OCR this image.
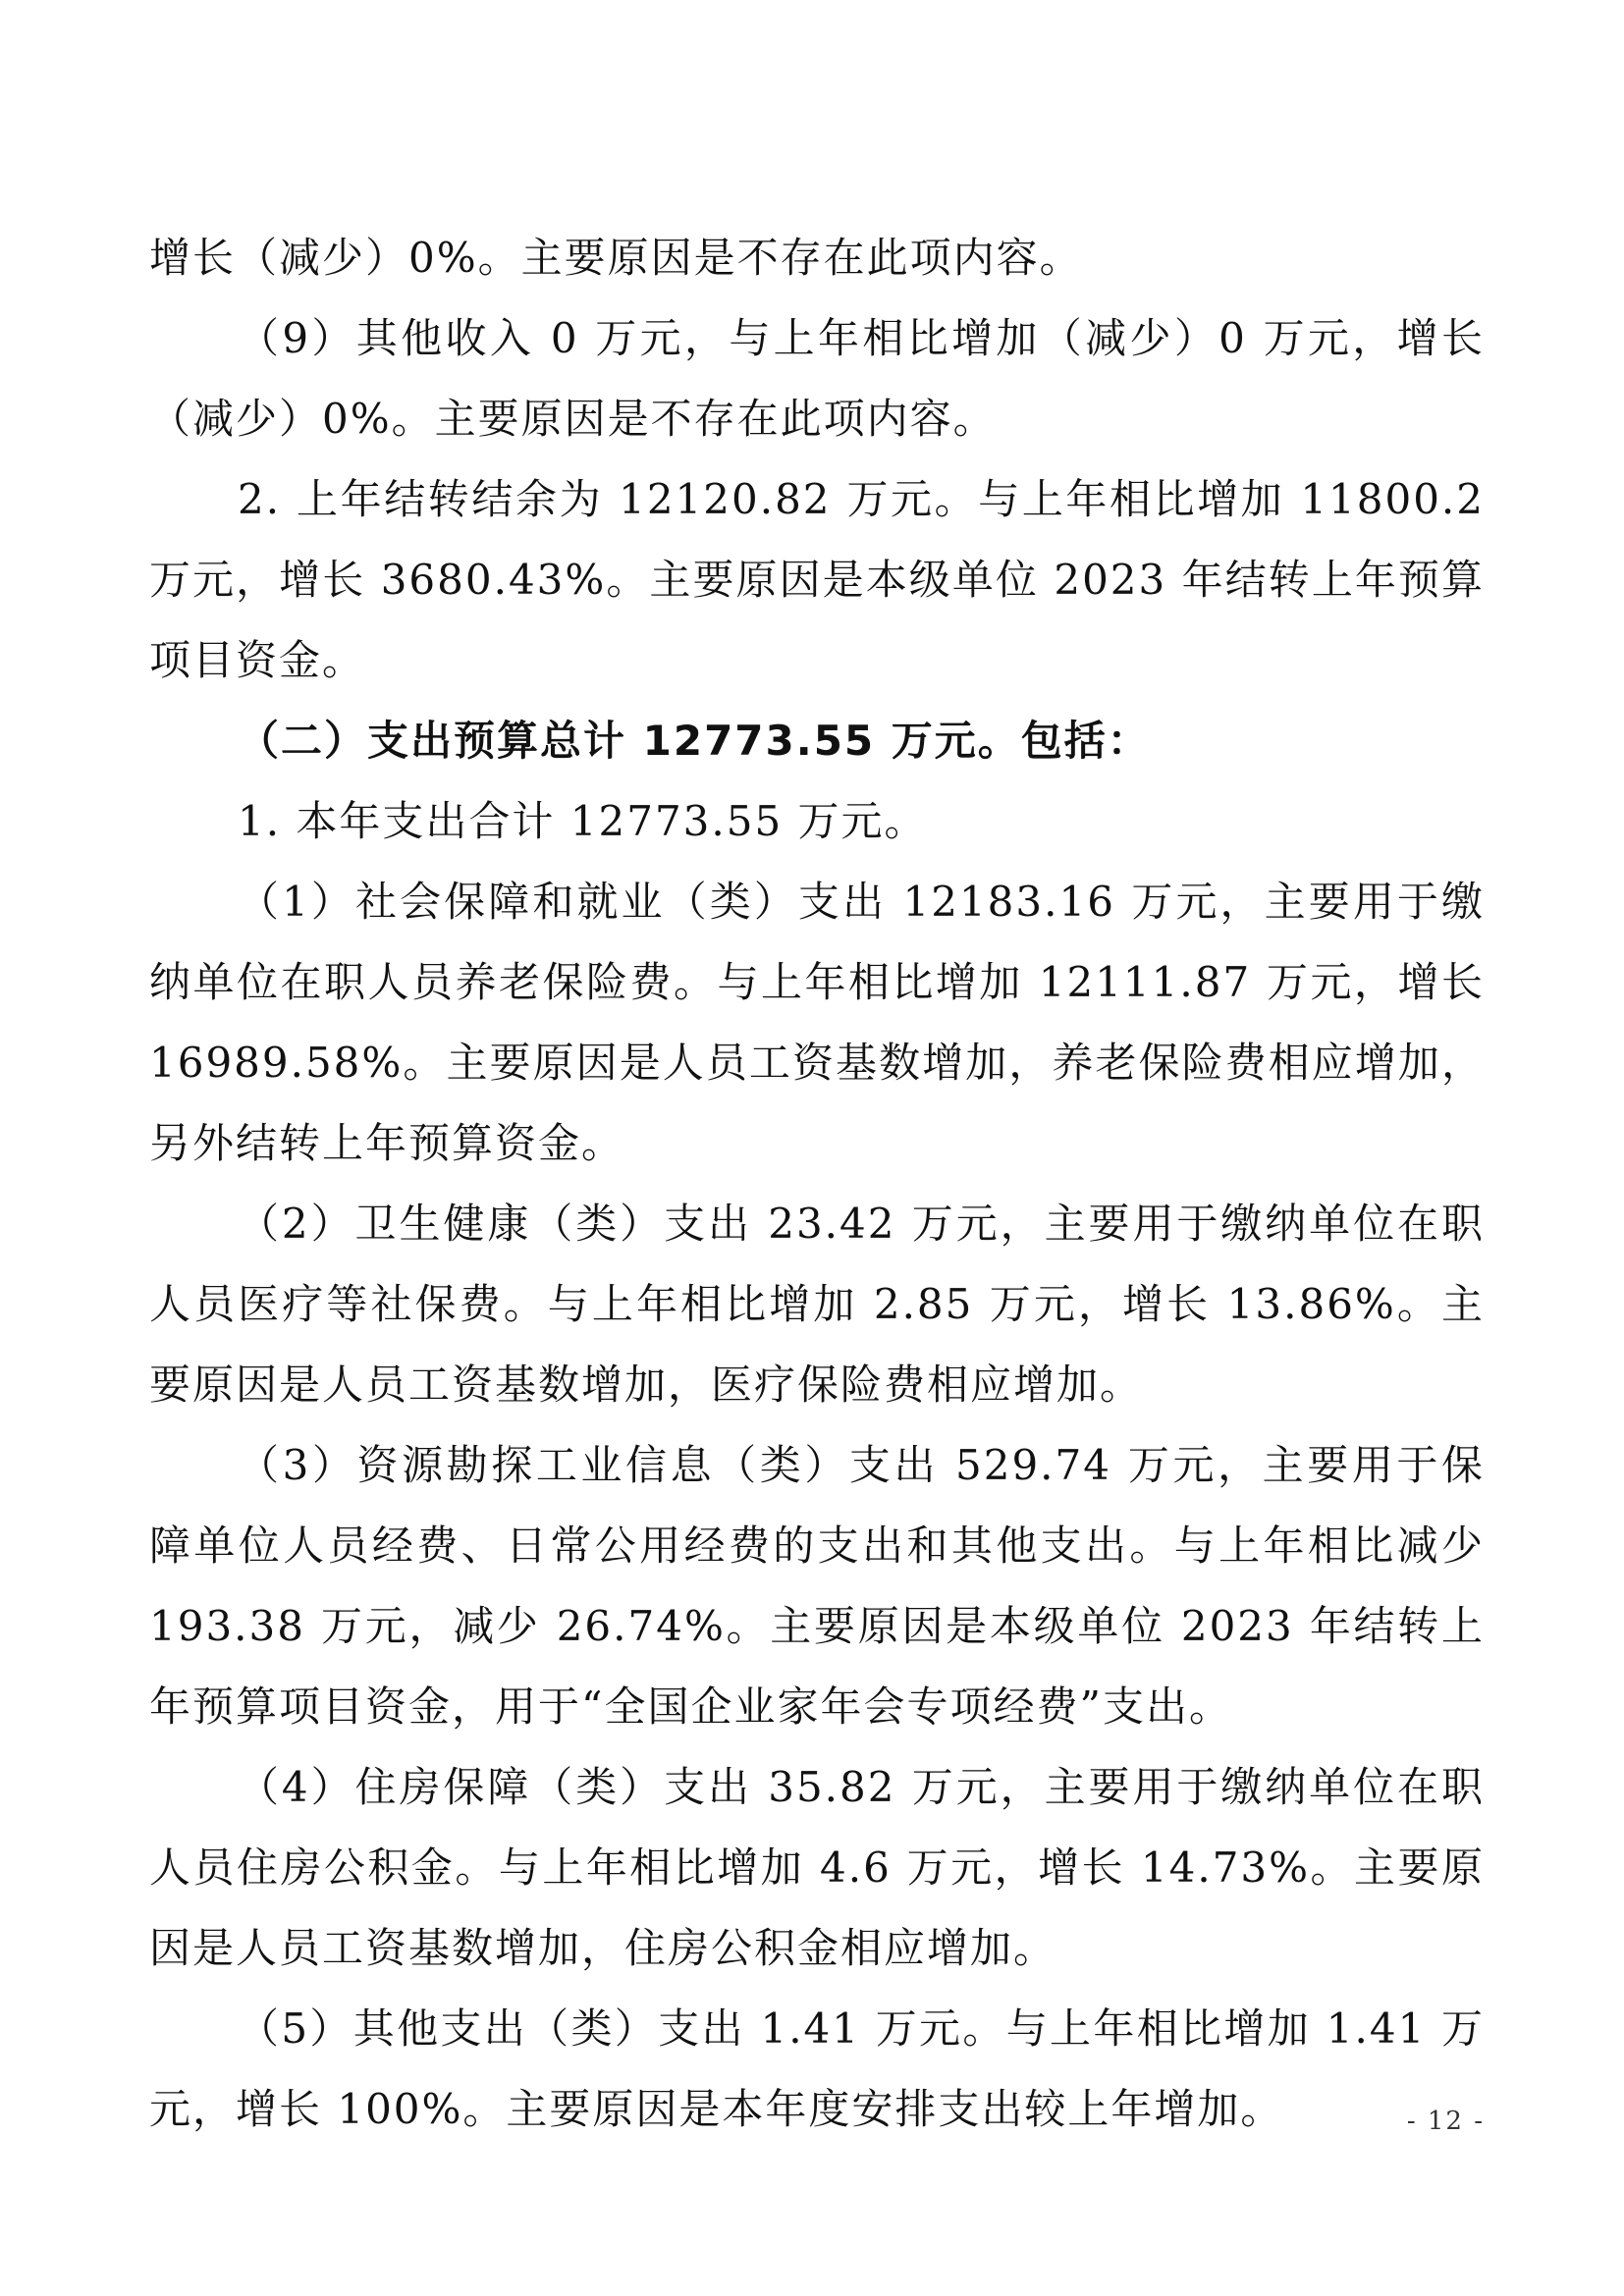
增长（减少）0%。主要原因是不存在此项内容。

（9）其他收入 0 万元，与上年相比增加（减少）0 万元，增长（减少）0%。主要原因是不存在此项内容。

2. 上年结转结余为 12120.82 万元。与上年相比增加 11800.2 万元，增长 3680.43%。主要原因是本级单位 2023 年结转上年预算项目资金。

（二）支出预算总计 12773.55 万元。包括：

1. 本年支出合计 12773.55 万元。

（1）社会保障和就业（类）支出 12183.16 万元，主要用于缴纳单位在职人员养老保险费。与上年相比增加 12111.87 万元，增长 16989.58%。主要原因是人员工资基数增加，养老保险费相应增加，另外结转上年预算资金。

（2）卫生健康（类）支出 23.42 万元，主要用于缴纳单位在职人员医疗等社保费。与上年相比增加 2.85 万元，增长 13.86%。主要原因是人员工资基数增加，医疗保险费相应增加。

（3）资源勘探工业信息（类）支出 529.74 万元，主要用于保障单位人员经费、日常公用经费的支出和其他支出。与上年相比减少 193.38 万元，减少 26.74%。主要原因是本级单位 2023 年结转上年预算项目资金，用于“全国企业家年会专项经费”支出。

（4）住房保障（类）支出 35.82 万元，主要用于缴纳单位在职人员住房公积金。与上年相比增加 4.6 万元，增长 14.73%。主要原因是人员工资基数增加，住房公积金相应增加。

（5）其他支出（类）支出 1.41 万元。与上年相比增加 1.41 万元，增长 100%。主要原因是本年度安排支出较上年增加。	- 12 -
